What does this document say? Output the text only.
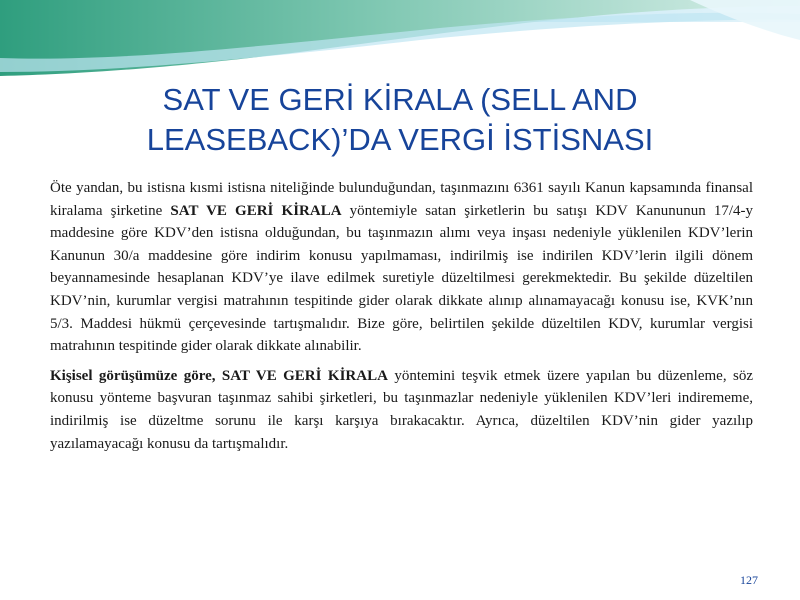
SAT VE GERİ KİRALA (SELL AND
LEASEBACK)’DA VERGİ İSTİSNASI

Öte yandan, bu istisna kısmi istisna niteliğinde bulunduğundan, taşınmazını 6361 sayılı Kanun kapsamında finansal kiralama şirketine SAT VE GERİ KİRALA yöntemiyle satan şirketlerin bu satışı KDV Kanununun 17/4-y maddesine göre KDV’den istisna olduğundan, bu taşınmazın alımı veya inşası nedeniyle yüklenilen KDV’lerin Kanunun 30/a maddesine göre indirim konusu yapılmaması, indirilmiş ise indirilen KDV’lerin ilgili dönem beyannamesinde hesaplanan KDV’ye ilave edilmek suretiyle düzeltilmesi gerekmektedir. Bu şekilde düzeltilen KDV’nin, kurumlar vergisi matrahının tespitinde gider olarak dikkate alınıp alınamayacağı konusu ise, KVK’nın 5/3. Maddesi hükmü çerçevesinde tartışmalıdır. Bize göre, belirtilen şekilde düzeltilen KDV, kurumlar vergisi matrahının tespitinde gider olarak dikkate alınabilir.

Kişisel görüşümüze göre, SAT VE GERİ KİRALA yöntemini teşvik etmek üzere yapılan bu düzenleme, söz konusu yönteme başvuran taşınmaz sahibi şirketleri, bu taşınmazlar nedeniyle yüklenilen KDV’leri indirememe, indirilmiş ise düzeltme sorunu ile karşı karşıya bırakacaktır. Ayrıca, düzeltilen KDV’nin gider yazılıp yazılamayacağı konusu da tartışmalıdır.

127
